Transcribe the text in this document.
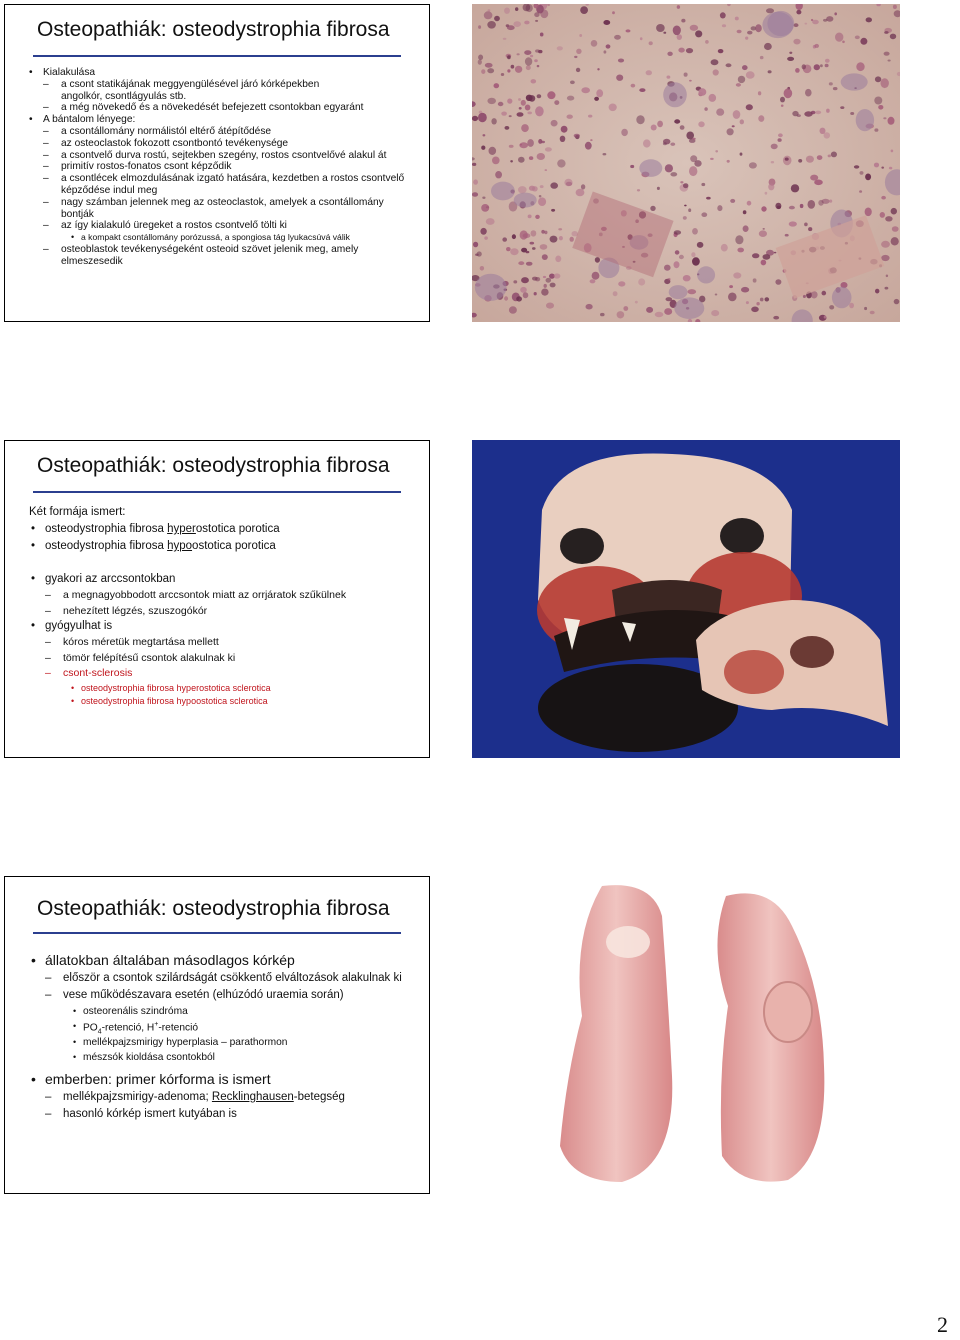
Osteopathiák: osteodystrophia fibrosa
• Kialakulása
– a csont statikájának meggyengülésével járó kórképekben
angolkór, csontlágyulás stb.
– a még növekedő és a növekedését befejezett csontokban egyaránt
• A bántalom lényege:
– a csontállomány normálistól eltérő átépítődése
– az osteoclastok fokozott csontbontó tevékenysége
– a csontvelő durva rostú, sejtekben szegény, rostos csontvelővé alakul át
– primitív rostos-fonatos csont képződik
– a csontlécek elmozdulásának izgató hatására, kezdetben a rostos csontvelő
képződése indul meg
– nagy számban jelennek meg az osteoclastok, amelyek a csontállomány
bontják
– az így kialakuló üregeket a rostos csontvelő tölti ki
• a kompakt csontállomány porózussá, a spongiosa tág lyukacsúvá válik
– osteoblastok tevékenységeként osteoid szövet jelenik meg, amely
elmeszesedik
Osteopathiák: osteodystrophia fibrosa
Két formája ismert:
• osteodystrophia fibrosa hyperostotica porotica
• osteodystrophia fibrosa hypoostotica porotica
• gyakori az arccsontokban
– a megnagyobbodott arccsontok miatt az orrjáratok szűkülnek
– nehezített légzés, szuszogókór
• gyógyulhat is
– kóros méretük megtartása mellett
– tömör felépítésű csontok alakulnak ki
– csont-sclerosis
• osteodystrophia fibrosa hyperostotica sclerotica
• osteodystrophia fibrosa hypoostotica sclerotica
Osteopathiák: osteodystrophia fibrosa
• állatokban általában másodlagos kórkép
– először a csontok szilárdságát csökkentő elváltozások alakulnak ki
– vese működészavara esetén (elhúzódó uraemia során)
• osteorenális szindróma
• $PO_4$-retenció, H+-retenció
• mellékpajzsmirigy hyperplasia – parathormon
• mészsók kioldása csontokból
• emberben: primer kórforma is ismert
– mellékpajzsmirigy-adenoma; Recklinghausen-betegség
– hasonló kórkép ismert kutyában is
2
